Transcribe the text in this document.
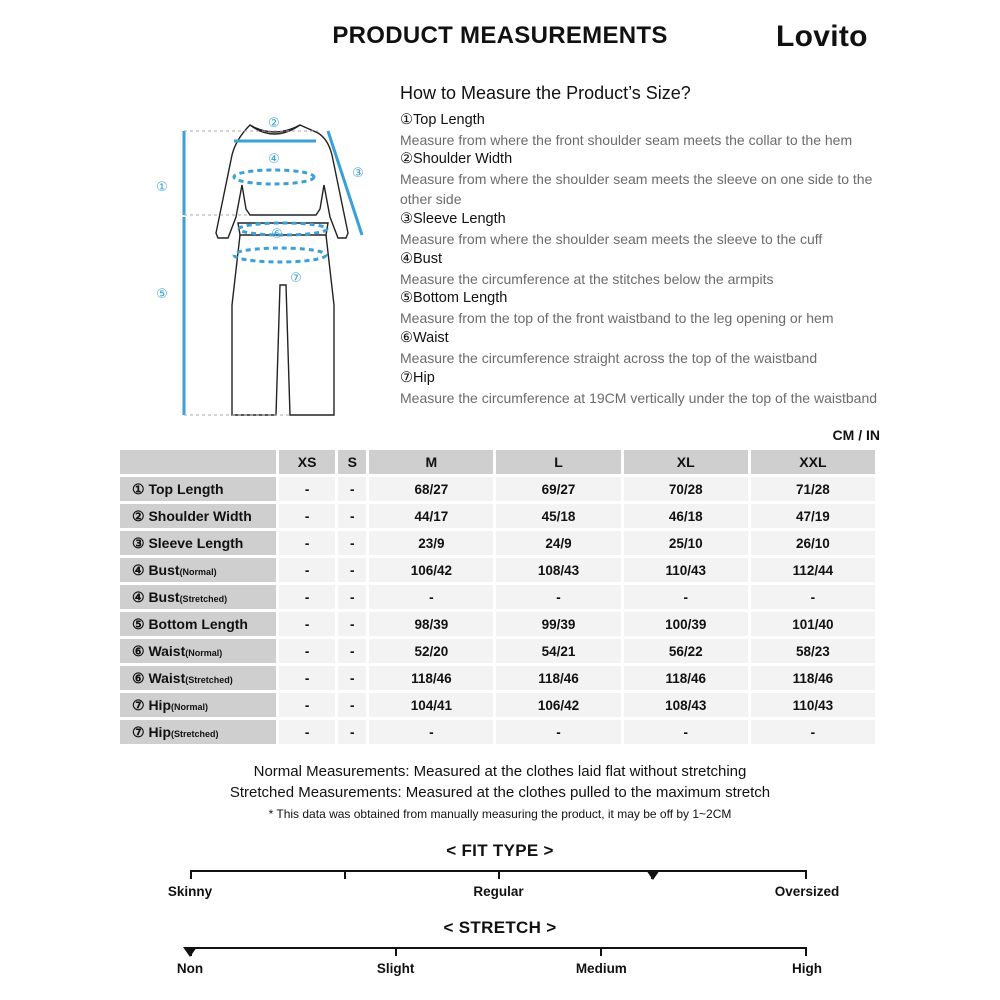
PRODUCT MEASUREMENTS	Lovito
①
②
③
④
⑤
⑥
⑦
How to Measure the Product’s Size?
①Top Length
Measure from where the front shoulder seam meets the collar to the hem
②Shoulder Width
Measure from where the shoulder seam meets the sleeve on one side to the other side
③Sleeve Length
Measure from where the shoulder seam meets the sleeve to the cuff
④Bust
Measure the circumference at the stitches below the armpits
⑤Bottom Length
Measure from the top of the front waistband to the leg opening or hem
⑥Waist
Measure the circumference straight across the top of the waistband
⑦Hip
Measure the circumference at 19CM vertically under the top of the waistband
CM / IN
	XS	S	M	L	XL	XXL
① Top Length	-	-	68/27	69/27	70/28	71/28
② Shoulder Width	-	-	44/17	45/18	46/18	47/19
③ Sleeve Length	-	-	23/9	24/9	25/10	26/10
④ Bust(Normal)	-	-	106/42	108/43	110/43	112/44
④ Bust(Stretched)	-	-	-	-	-	-
⑤ Bottom Length	-	-	98/39	99/39	100/39	101/40
⑥ Waist(Normal)	-	-	52/20	54/21	56/22	58/23
⑥ Waist(Stretched)	-	-	118/46	118/46	118/46	118/46
⑦ Hip(Normal)	-	-	104/41	106/42	108/43	110/43
⑦ Hip(Stretched)	-	-	-	-	-	-
Normal Measurements: Measured at the clothes laid flat without stretching
Stretched Measurements: Measured at the clothes pulled to the maximum stretch
* This data was obtained from manually measuring the product, it may be off by 1~2CM
< FIT TYPE >
Skinny	Regular	Oversized
< STRETCH >
Non	Slight	Medium	High
